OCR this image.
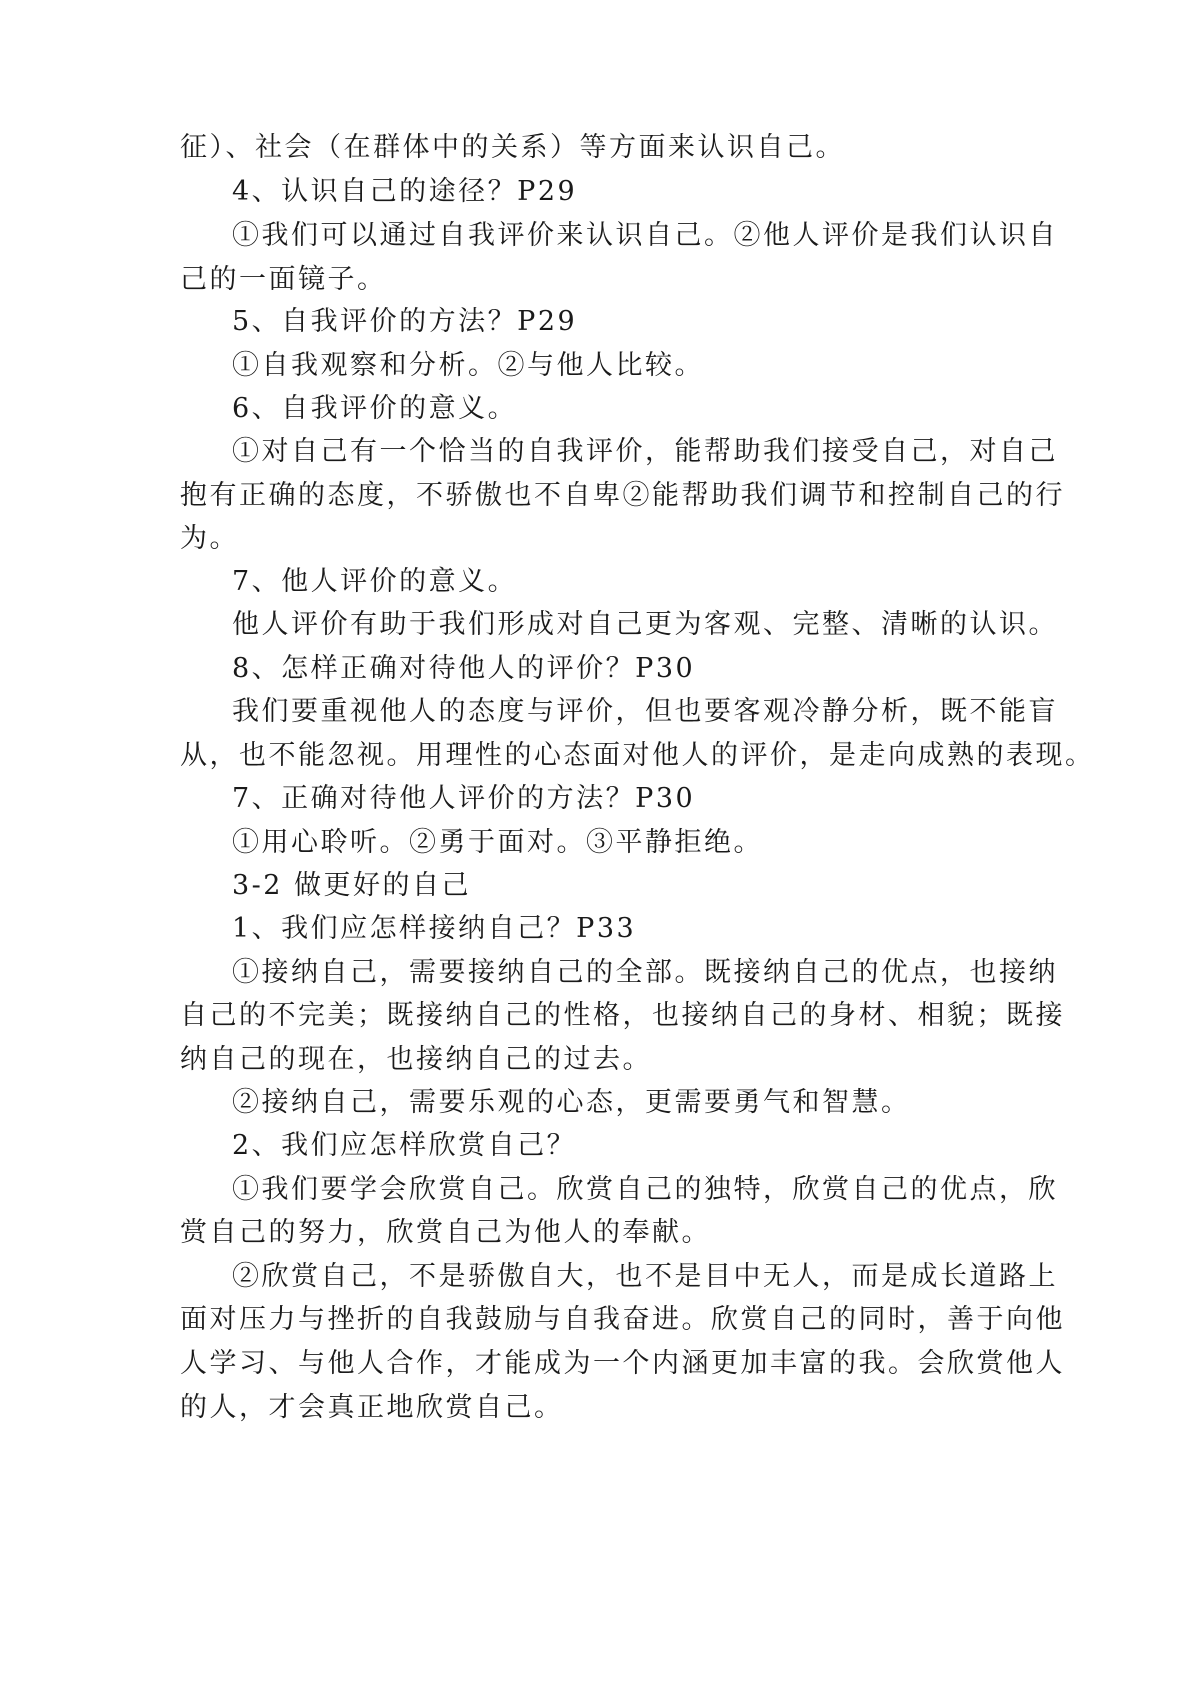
征）、社会（在群体中的关系）等方面来认识自己。
4、认识自己的途径？P29
①我们可以通过自我评价来认识自己。②他人评价是我们认识自
己的一面镜子。
5、自我评价的方法？P29
①自我观察和分析。②与他人比较。
6、自我评价的意义。
①对自己有一个恰当的自我评价，能帮助我们接受自己，对自己
抱有正确的态度，不骄傲也不自卑②能帮助我们调节和控制自己的行
为。
7、他人评价的意义。
他人评价有助于我们形成对自己更为客观、完整、清晰的认识。
8、怎样正确对待他人的评价？P30
我们要重视他人的态度与评价，但也要客观冷静分析，既不能盲
从，也不能忽视。用理性的心态面对他人的评价，是走向成熟的表现。
7、正确对待他人评价的方法？P30
①用心聆听。②勇于面对。③平静拒绝。
3-2 做更好的自己
1、我们应怎样接纳自己？P33
①接纳自己，需要接纳自己的全部。既接纳自己的优点，也接纳
自己的不完美；既接纳自己的性格，也接纳自己的身材、相貌；既接
纳自己的现在，也接纳自己的过去。
②接纳自己，需要乐观的心态，更需要勇气和智慧。
2、我们应怎样欣赏自己？
①我们要学会欣赏自己。欣赏自己的独特，欣赏自己的优点，欣
赏自己的努力，欣赏自己为他人的奉献。
②欣赏自己，不是骄傲自大，也不是目中无人，而是成长道路上
面对压力与挫折的自我鼓励与自我奋进。欣赏自己的同时，善于向他
人学习、与他人合作，才能成为一个内涵更加丰富的我。会欣赏他人
的人，才会真正地欣赏自己。
